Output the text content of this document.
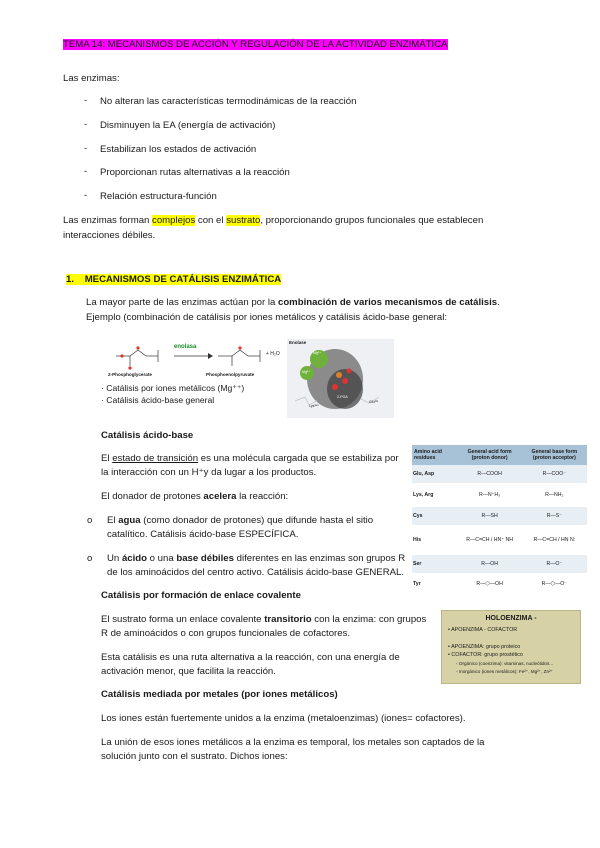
TEMA 14: MECANISMOS DE ACCIÓN Y REGULACIÓN DE LA ACTIVIDAD ENZIMÁTICA
Las enzimas:
- No alteran las características termodinámicas de la reacción
- Disminuyen la EA (energía de activación)
- Estabilizan los estados de activación
- Proporcionan rutas alternativas a la reacción
- Relación estructura-función
Las enzimas forman complejos con el sustrato, proporcionando grupos funcionales que establecen
interacciones débiles.
1. MECANISMOS DE CATÁLISIS ENZIMÁTICA
La mayor parte de las enzimas actúan por la combinación de varios mecanismos de catálisis.
Ejemplo (combinación de catálisis por iones metálicos y catálisis ácido-base general:
enolasa
2-Phosphoglycerate	Phosphoenolpyruvate
+ H₂O
· Catálisis por iones metálicos (Mg⁺⁺)
· Catálisis ácido-base general
Enolase
Mg²⁺
Mg²⁺
Lys³⁴⁵
Glu²¹¹
2-PGA
Catálisis ácido-base
El estado de transición es una molécula cargada que se estabiliza por
la interacción con un H⁺y da lugar a los productos.
El donador de protones acelera la reacción:
o El agua (como donador de protones) que difunde hasta el sitio
catalítico. Catálisis ácido-base ESPECÍFICA.
o Un ácido o una base débiles diferentes en las enzimas son grupos R
de los aminoácidos del centro activo. Catálisis ácido-base GENERAL.
Amino acid residues	General acid form (proton donor)	General base form (proton acceptor)
Glu, Asp	R—COOH	R—COO⁻
Lys, Arg	R—N⁺H₃	R—NH₂
Cys	R—SH	R—S⁻
His	R—C=CH / HN⁺ NH	R—C=CH / HN N:
Ser	R—OH	R—O⁻
Tyr	R—⬡—OH	R—⬡—O⁻
Catálisis por formación de enlace covalente
El sustrato forma un enlace covalente transitorio con la enzima: con grupos
R de aminoácidos o con grupos funcionales de cofactores.
Esta catálisis es una ruta alternativa a la reacción, con una energía de
activación menor, que facilita la reacción.
HOLOENZIMA -
• APOENZIMA - COFACTOR
• APOENZIMA: grupo proteico
• COFACTOR: grupo prostético
◦ Orgánico (coenzima): vitaminas, nucleótidos...
◦ Inorgánico (iones metálicos): Fe²⁺, Mg²⁺, Zn²⁺
Catálisis mediada por metales (por iones metálicos)
Los iones están fuertemente unidos a la enzima (metaloenzimas) (iones= cofactores).
La unión de esos iones metálicos a la enzima es temporal, los metales son captados de la
solución junto con el sustrato. Dichos iones:
